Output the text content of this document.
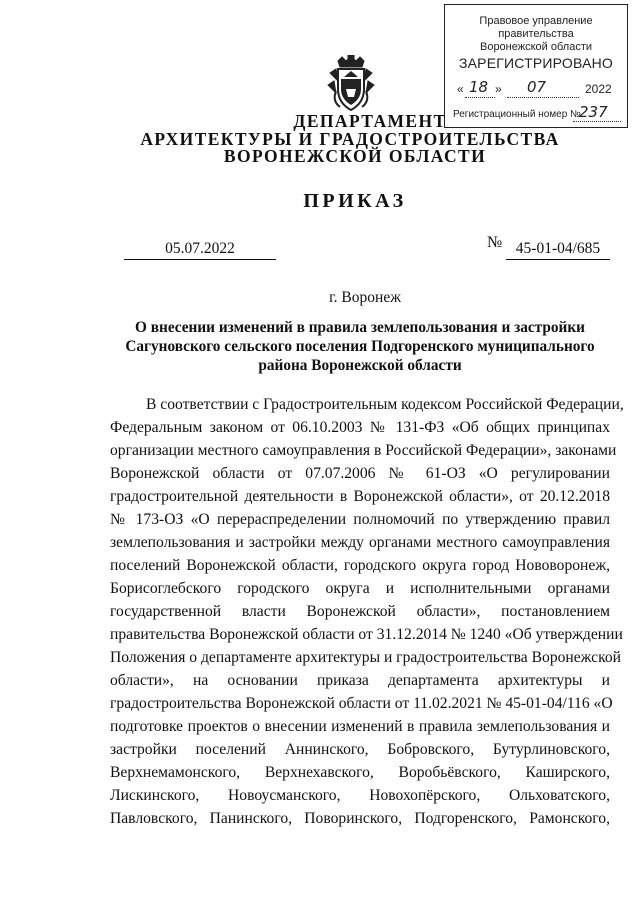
Правовое управление правительства
Воронежской области
ЗАРЕГИСТРИРОВАНО
« 18 » 07	2022
Регистрационный номер №
237
ДЕПАРТАМЕНТ
АРХИТЕКТУРЫ И ГРАДОСТРОИТЕЛЬСТВА
ВОРОНЕЖСКОЙ ОБЛАСТИ
ПРИКАЗ
05.07.2022	№ 45-01-04/685
г. Воронеж
О внесении изменений в правила землепользования и застройки
Сагуновского сельского поселения Подгоренского муниципального
района Воронежской области
В соответствии с Градостроительным кодексом Российской Федерации,
Федеральным законом от 06.10.2003 № 131-ФЗ «Об общих принципах
организации местного самоуправления в Российской Федерации», законами
Воронежской области от 07.07.2006 № 61-ОЗ «О регулировании
градостроительной деятельности в Воронежской области», от 20.12.2018
№ 173-ОЗ «О перераспределении полномочий по утверждению правил
землепользования и застройки между органами местного самоуправления
поселений Воронежской области, городского округа город Нововоронеж,
Борисоглебского городского округа и исполнительными органами
государственной власти Воронежской области», постановлением
правительства Воронежской области от 31.12.2014 № 1240 «Об утверждении
Положения о департаменте архитектуры и градостроительства Воронежской
области», на основании приказа департамента архитектуры и
градостроительства Воронежской области от 11.02.2021 № 45-01-04/116 «О
подготовке проектов о внесении изменений в правила землепользования и
застройки поселений Аннинского, Бобровского, Бутурлиновского,
Верхнемамонского, Верхнехавского, Воробьёвского, Каширского,
Лискинского, Новоусманского, Новохопёрского, Ольховатского,
Павловского, Панинского, Поворинского, Подгоренского, Рамонского,
